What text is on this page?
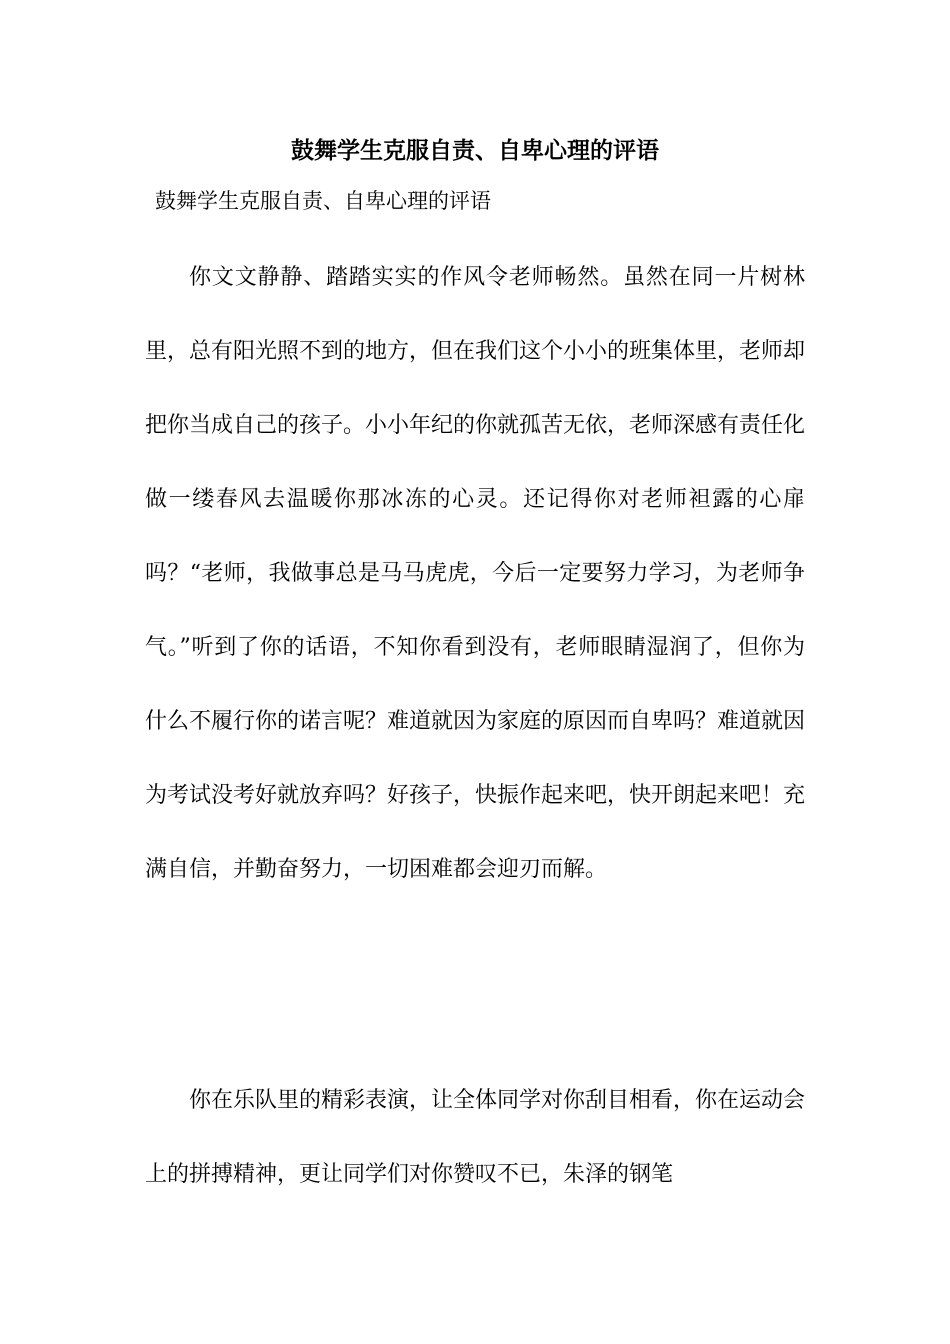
鼓舞学生克服自责、自卑心理的评语

鼓舞学生克服自责、自卑心理的评语

你文文静静、踏踏实实的作风令老师畅然。虽然在同一片树林里，总有阳光照不到的地方，但在我们这个小小的班集体里，老师却把你当成自己的孩子。小小年纪的你就孤苦无依，老师深感有责任化做一缕春风去温暖你那冰冻的心灵。还记得你对老师袒露的心扉吗？“老师，我做事总是马马虎虎，今后一定要努力学习，为老师争气。”听到了你的话语，不知你看到没有，老师眼睛湿润了，但你为什么不履行你的诺言呢？难道就因为家庭的原因而自卑吗？难道就因为考试没考好就放弃吗？好孩子，快振作起来吧，快开朗起来吧！充满自信，并勤奋努力，一切困难都会迎刃而解。

你在乐队里的精彩表演，让全体同学对你刮目相看，你在运动会上的拼搏精神，更让同学们对你赞叹不已，朱泽的钢笔
